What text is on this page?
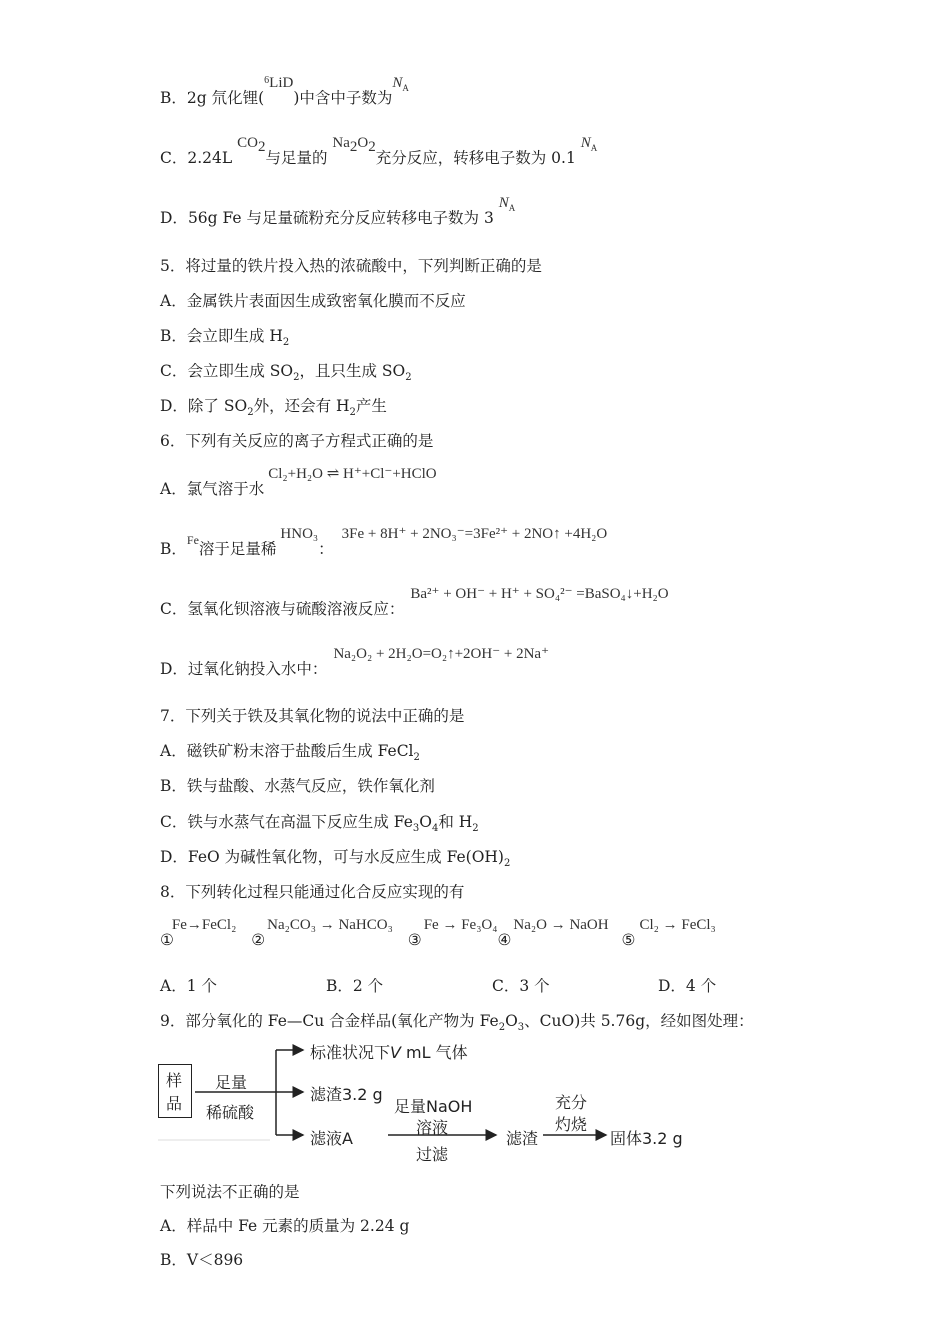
B．2g 氘化锂($^6$LiD)中含中子数为$N_A$
C．2.24L $CO_2$与足量的 $Na_2O_2$充分反应，转移电子数为 0.1 $N_A$
D．56g Fe 与足量硫粉充分反应转移电子数为 3 $N_A$
5．将过量的铁片投入热的浓硫酸中，下列判断正确的是
A．金属铁片表面因生成致密氧化膜而不反应
B．会立即生成 $H_2$
C．会立即生成 $SO_2$，且只生成 $SO_2$
D．除了 $SO_2$外，还会有 $H_2$产生
6．下列有关反应的离子方程式正确的是
A．氯气溶于水Cl₂+H₂O ⇌ H⁺+Cl⁻+HClO
B．$^{Fe}$溶于足量稀HNO₃：3Fe + 8H⁺ + 2NO₃⁻=3Fe²⁺ + 2NO↑ +4H₂O
C．氢氧化钡溶液与硫酸溶液反应：Ba²⁺ + OH⁻ + H⁺ + SO₄²⁻ =BaSO₄↓+H₂O
D．过氧化钠投入水中：Na₂O₂ + 2H₂O=O₂↑+2OH⁻ + 2Na⁺
7．下列关于铁及其氧化物的说法中正确的是
A．磁铁矿粉末溶于盐酸后生成 FeCl$_2$
B．铁与盐酸、水蒸气反应，铁作氧化剂
C．铁与水蒸气在高温下反应生成 $Fe_3O_4$和 $H_2$
D．FeO 为碱性氧化物，可与水反应生成 $Fe(OH)_2$
8．下列转化过程只能通过化合反应实现的有
①Fe→FeCl₂ ②Na₂CO₃ → NaHCO₃ ③Fe → Fe₃O₄④Na₂O → NaOH ⑤Cl₂ → FeCl₃
A．1 个	B．2 个	C．3 个	D．4 个
9．部分氧化的 Fe—Cu 合金样品(氧化产物为 $Fe_2O_3$、CuO)共 5.76g，经如图处理：
样
品
足量
稀硫酸
标准状况下V mL 气体
滤渣3.2 g
滤液A
足量NaOH
溶液
过滤
滤渣
充分
灼烧
固体3.2 g
下列说法不正确的是
A．样品中 Fe 元素的质量为 2.24 g
B．V＜896
